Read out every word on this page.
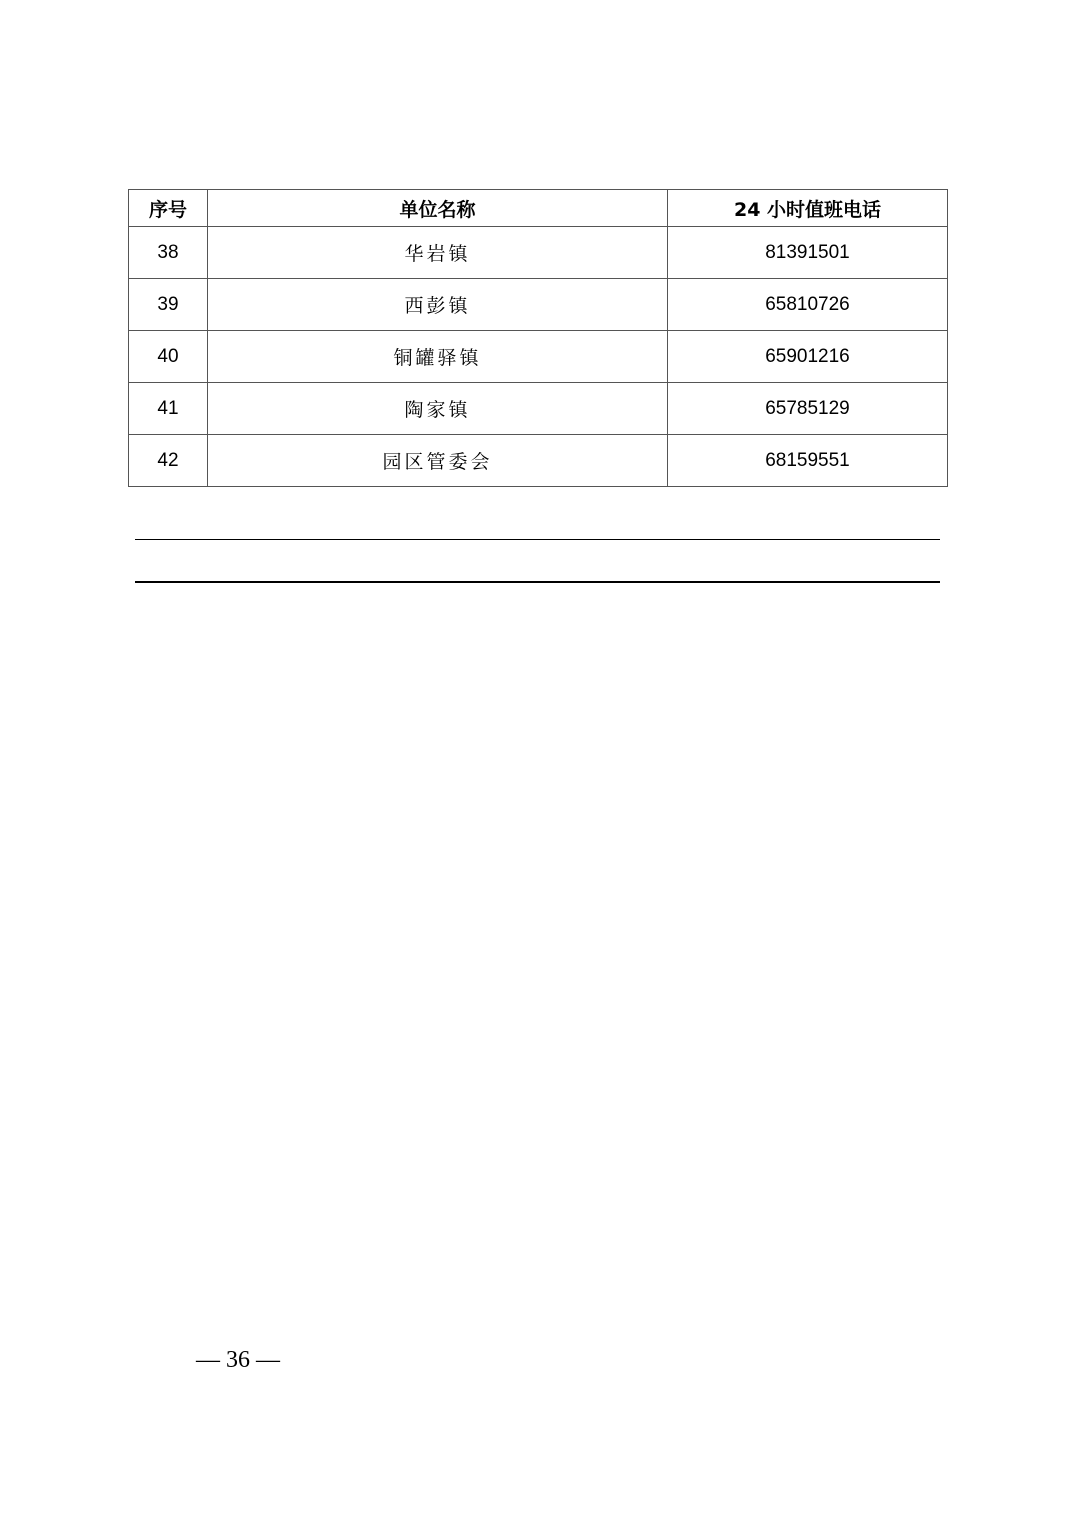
序号	单位名称	24 小时值班电话
38	华岩镇	81391501
39	西彭镇	65810726
40	铜罐驿镇	65901216
41	陶家镇	65785129
42	园区管委会	68159551
— 36 —
